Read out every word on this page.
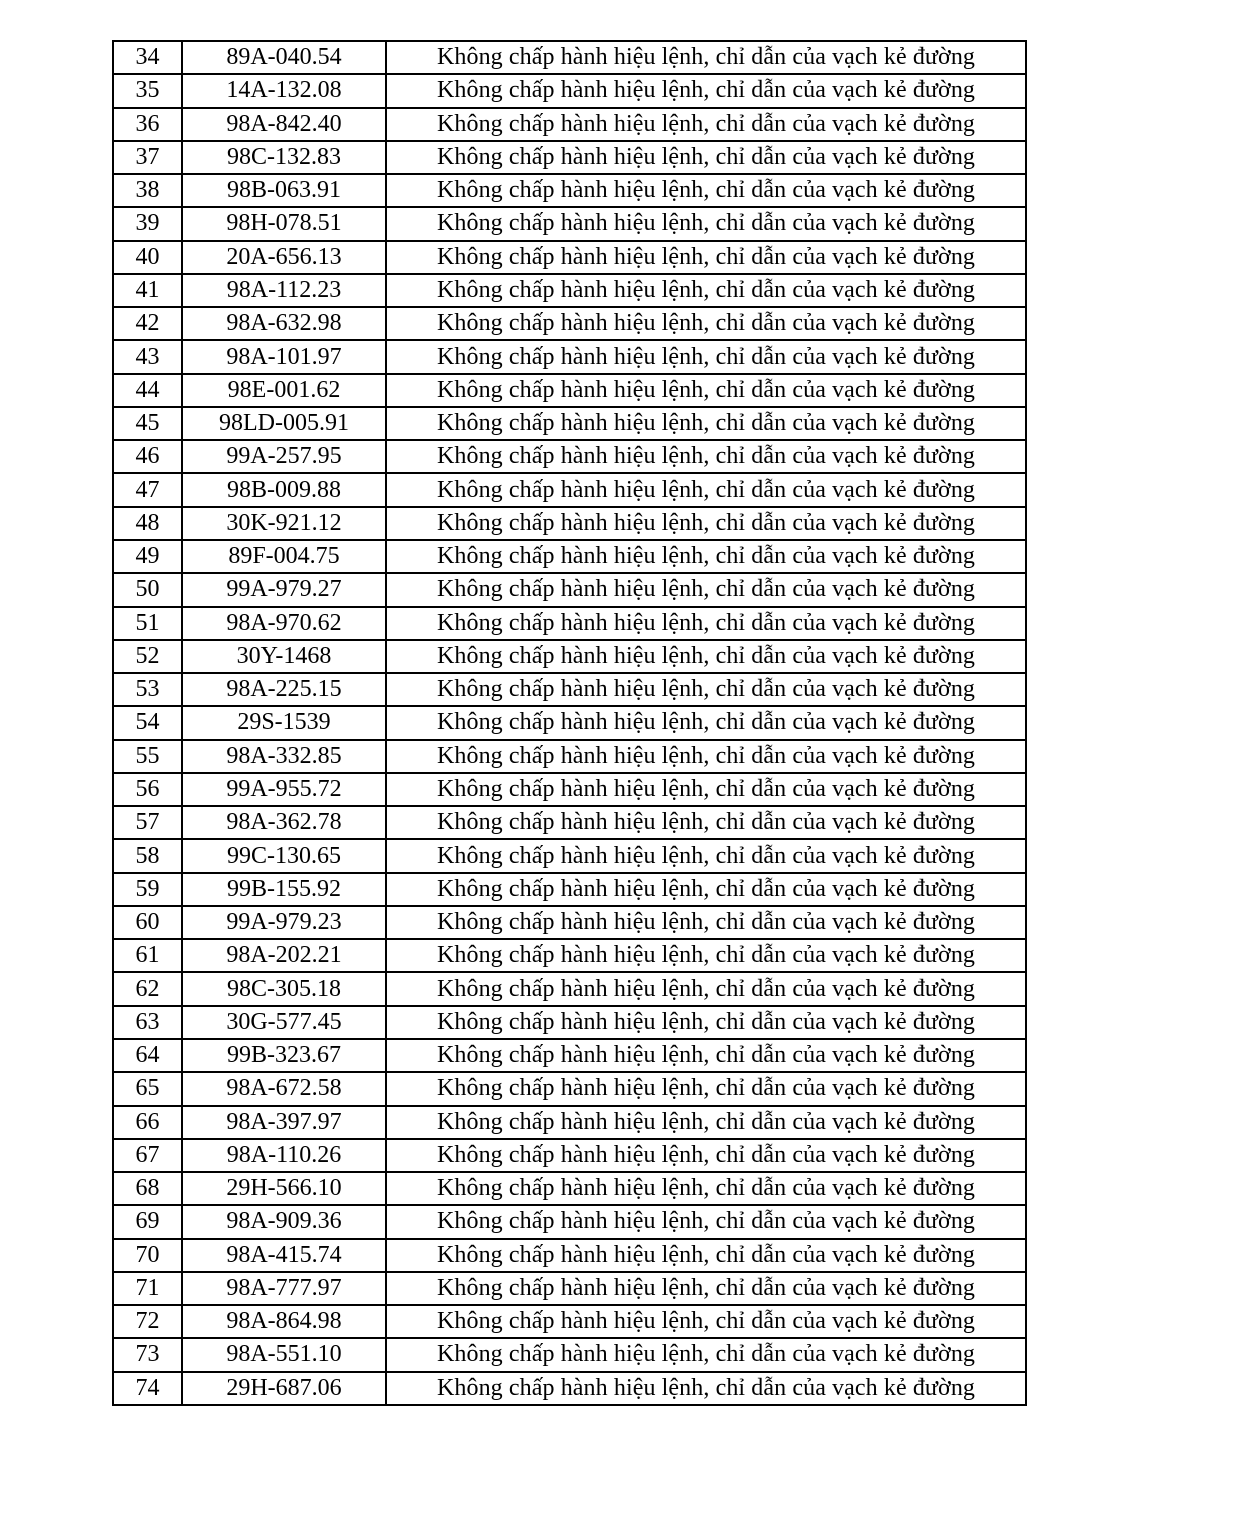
34	89A-040.54	Không chấp hành hiệu lệnh, chỉ dẫn của vạch kẻ đường
35	14A-132.08	Không chấp hành hiệu lệnh, chỉ dẫn của vạch kẻ đường
36	98A-842.40	Không chấp hành hiệu lệnh, chỉ dẫn của vạch kẻ đường
37	98C-132.83	Không chấp hành hiệu lệnh, chỉ dẫn của vạch kẻ đường
38	98B-063.91	Không chấp hành hiệu lệnh, chỉ dẫn của vạch kẻ đường
39	98H-078.51	Không chấp hành hiệu lệnh, chỉ dẫn của vạch kẻ đường
40	20A-656.13	Không chấp hành hiệu lệnh, chỉ dẫn của vạch kẻ đường
41	98A-112.23	Không chấp hành hiệu lệnh, chỉ dẫn của vạch kẻ đường
42	98A-632.98	Không chấp hành hiệu lệnh, chỉ dẫn của vạch kẻ đường
43	98A-101.97	Không chấp hành hiệu lệnh, chỉ dẫn của vạch kẻ đường
44	98E-001.62	Không chấp hành hiệu lệnh, chỉ dẫn của vạch kẻ đường
45	98LD-005.91	Không chấp hành hiệu lệnh, chỉ dẫn của vạch kẻ đường
46	99A-257.95	Không chấp hành hiệu lệnh, chỉ dẫn của vạch kẻ đường
47	98B-009.88	Không chấp hành hiệu lệnh, chỉ dẫn của vạch kẻ đường
48	30K-921.12	Không chấp hành hiệu lệnh, chỉ dẫn của vạch kẻ đường
49	89F-004.75	Không chấp hành hiệu lệnh, chỉ dẫn của vạch kẻ đường
50	99A-979.27	Không chấp hành hiệu lệnh, chỉ dẫn của vạch kẻ đường
51	98A-970.62	Không chấp hành hiệu lệnh, chỉ dẫn của vạch kẻ đường
52	30Y-1468	Không chấp hành hiệu lệnh, chỉ dẫn của vạch kẻ đường
53	98A-225.15	Không chấp hành hiệu lệnh, chỉ dẫn của vạch kẻ đường
54	29S-1539	Không chấp hành hiệu lệnh, chỉ dẫn của vạch kẻ đường
55	98A-332.85	Không chấp hành hiệu lệnh, chỉ dẫn của vạch kẻ đường
56	99A-955.72	Không chấp hành hiệu lệnh, chỉ dẫn của vạch kẻ đường
57	98A-362.78	Không chấp hành hiệu lệnh, chỉ dẫn của vạch kẻ đường
58	99C-130.65	Không chấp hành hiệu lệnh, chỉ dẫn của vạch kẻ đường
59	99B-155.92	Không chấp hành hiệu lệnh, chỉ dẫn của vạch kẻ đường
60	99A-979.23	Không chấp hành hiệu lệnh, chỉ dẫn của vạch kẻ đường
61	98A-202.21	Không chấp hành hiệu lệnh, chỉ dẫn của vạch kẻ đường
62	98C-305.18	Không chấp hành hiệu lệnh, chỉ dẫn của vạch kẻ đường
63	30G-577.45	Không chấp hành hiệu lệnh, chỉ dẫn của vạch kẻ đường
64	99B-323.67	Không chấp hành hiệu lệnh, chỉ dẫn của vạch kẻ đường
65	98A-672.58	Không chấp hành hiệu lệnh, chỉ dẫn của vạch kẻ đường
66	98A-397.97	Không chấp hành hiệu lệnh, chỉ dẫn của vạch kẻ đường
67	98A-110.26	Không chấp hành hiệu lệnh, chỉ dẫn của vạch kẻ đường
68	29H-566.10	Không chấp hành hiệu lệnh, chỉ dẫn của vạch kẻ đường
69	98A-909.36	Không chấp hành hiệu lệnh, chỉ dẫn của vạch kẻ đường
70	98A-415.74	Không chấp hành hiệu lệnh, chỉ dẫn của vạch kẻ đường
71	98A-777.97	Không chấp hành hiệu lệnh, chỉ dẫn của vạch kẻ đường
72	98A-864.98	Không chấp hành hiệu lệnh, chỉ dẫn của vạch kẻ đường
73	98A-551.10	Không chấp hành hiệu lệnh, chỉ dẫn của vạch kẻ đường
74	29H-687.06	Không chấp hành hiệu lệnh, chỉ dẫn của vạch kẻ đường
